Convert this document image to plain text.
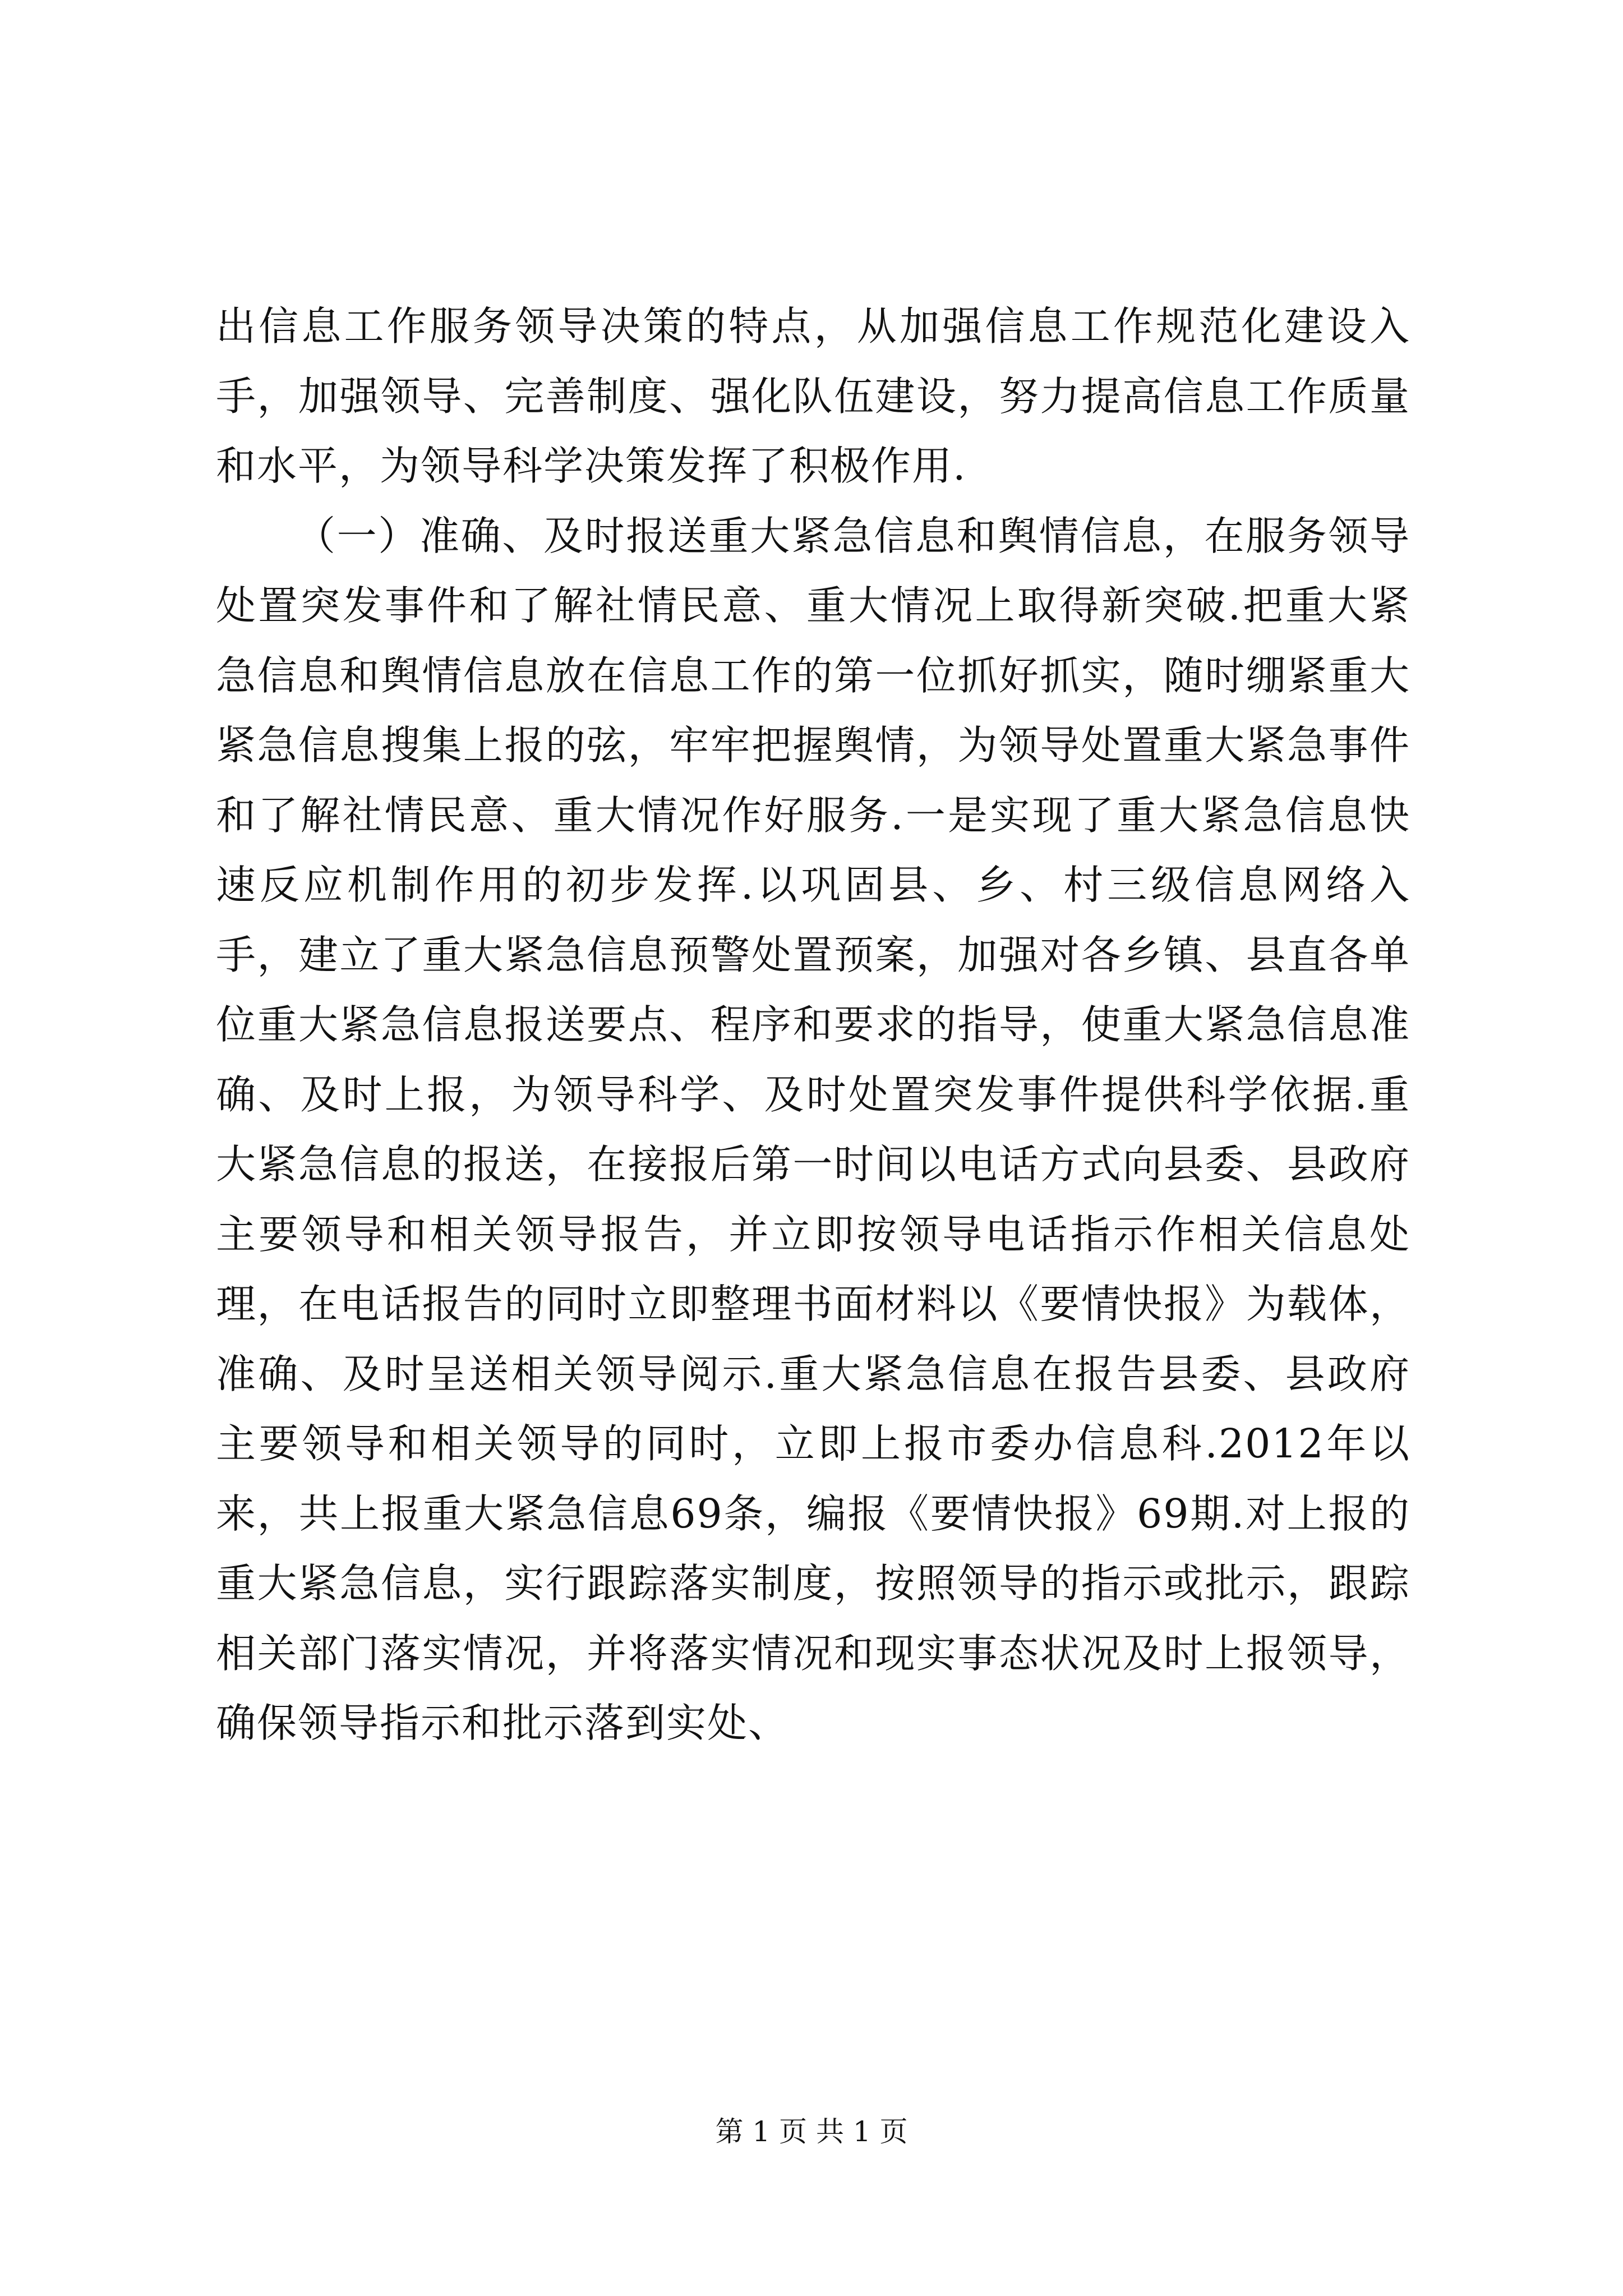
出信息工作服务领导决策的特点，从加强信息工作规范化建设入手，加强领导、完善制度、强化队伍建设，努力提高信息工作质量和水平，为领导科学决策发挥了积极作用.

（一）准确、及时报送重大紧急信息和舆情信息，在服务领导处置突发事件和了解社情民意、重大情况上取得新突破.把重大紧急信息和舆情信息放在信息工作的第一位抓好抓实，随时绷紧重大紧急信息搜集上报的弦，牢牢把握舆情，为领导处置重大紧急事件和了解社情民意、重大情况作好服务.一是实现了重大紧急信息快速反应机制作用的初步发挥.以巩固县、乡、村三级信息网络入手，建立了重大紧急信息预警处置预案，加强对各乡镇、县直各单位重大紧急信息报送要点、程序和要求的指导，使重大紧急信息准确、及时上报，为领导科学、及时处置突发事件提供科学依据.重大紧急信息的报送，在接报后第一时间以电话方式向县委、县政府主要领导和相关领导报告，并立即按领导电话指示作相关信息处理，在电话报告的同时立即整理书面材料以《要情快报》为载体，准确、及时呈送相关领导阅示.重大紧急信息在报告县委、县政府主要领导和相关领导的同时，立即上报市委办信息科.2012年以来，共上报重大紧急信息69条，编报《要情快报》69期.对上报的重大紧急信息，实行跟踪落实制度，按照领导的指示或批示，跟踪相关部门落实情况，并将落实情况和现实事态状况及时上报领导，确保领导指示和批示落到实处、

第 1 页 共 1 页
